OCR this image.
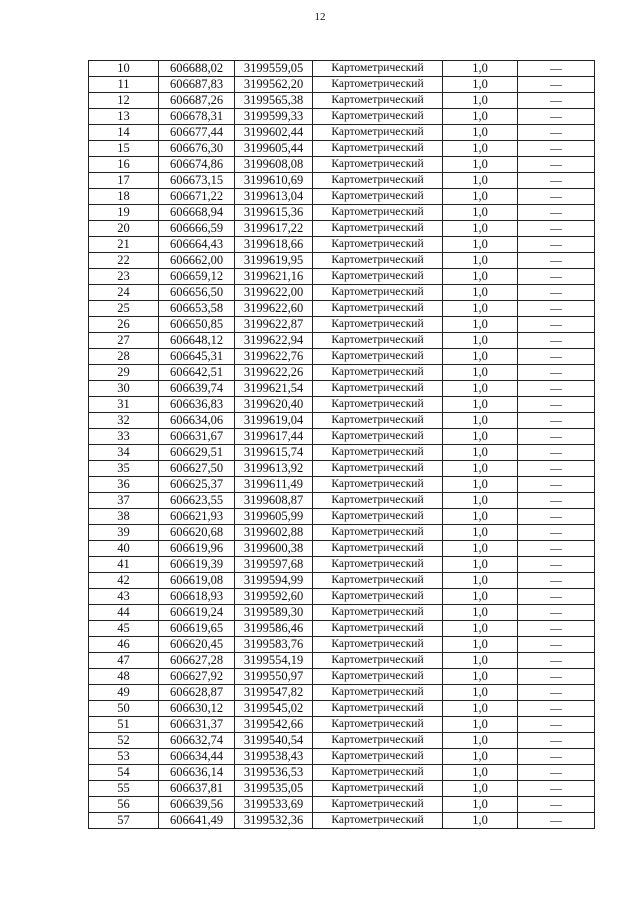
12
10	606688,02	3199559,05	Картометрический	1,0	—
11	606687,83	3199562,20	Картометрический	1,0	—
12	606687,26	3199565,38	Картометрический	1,0	—
13	606678,31	3199599,33	Картометрический	1,0	—
14	606677,44	3199602,44	Картометрический	1,0	—
15	606676,30	3199605,44	Картометрический	1,0	—
16	606674,86	3199608,08	Картометрический	1,0	—
17	606673,15	3199610,69	Картометрический	1,0	—
18	606671,22	3199613,04	Картометрический	1,0	—
19	606668,94	3199615,36	Картометрический	1,0	—
20	606666,59	3199617,22	Картометрический	1,0	—
21	606664,43	3199618,66	Картометрический	1,0	—
22	606662,00	3199619,95	Картометрический	1,0	—
23	606659,12	3199621,16	Картометрический	1,0	—
24	606656,50	3199622,00	Картометрический	1,0	—
25	606653,58	3199622,60	Картометрический	1,0	—
26	606650,85	3199622,87	Картометрический	1,0	—
27	606648,12	3199622,94	Картометрический	1,0	—
28	606645,31	3199622,76	Картометрический	1,0	—
29	606642,51	3199622,26	Картометрический	1,0	—
30	606639,74	3199621,54	Картометрический	1,0	—
31	606636,83	3199620,40	Картометрический	1,0	—
32	606634,06	3199619,04	Картометрический	1,0	—
33	606631,67	3199617,44	Картометрический	1,0	—
34	606629,51	3199615,74	Картометрический	1,0	—
35	606627,50	3199613,92	Картометрический	1,0	—
36	606625,37	3199611,49	Картометрический	1,0	—
37	606623,55	3199608,87	Картометрический	1,0	—
38	606621,93	3199605,99	Картометрический	1,0	—
39	606620,68	3199602,88	Картометрический	1,0	—
40	606619,96	3199600,38	Картометрический	1,0	—
41	606619,39	3199597,68	Картометрический	1,0	—
42	606619,08	3199594,99	Картометрический	1,0	—
43	606618,93	3199592,60	Картометрический	1,0	—
44	606619,24	3199589,30	Картометрический	1,0	—
45	606619,65	3199586,46	Картометрический	1,0	—
46	606620,45	3199583,76	Картометрический	1,0	—
47	606627,28	3199554,19	Картометрический	1,0	—
48	606627,92	3199550,97	Картометрический	1,0	—
49	606628,87	3199547,82	Картометрический	1,0	—
50	606630,12	3199545,02	Картометрический	1,0	—
51	606631,37	3199542,66	Картометрический	1,0	—
52	606632,74	3199540,54	Картометрический	1,0	—
53	606634,44	3199538,43	Картометрический	1,0	—
54	606636,14	3199536,53	Картометрический	1,0	—
55	606637,81	3199535,05	Картометрический	1,0	—
56	606639,56	3199533,69	Картометрический	1,0	—
57	606641,49	3199532,36	Картометрический	1,0	—
